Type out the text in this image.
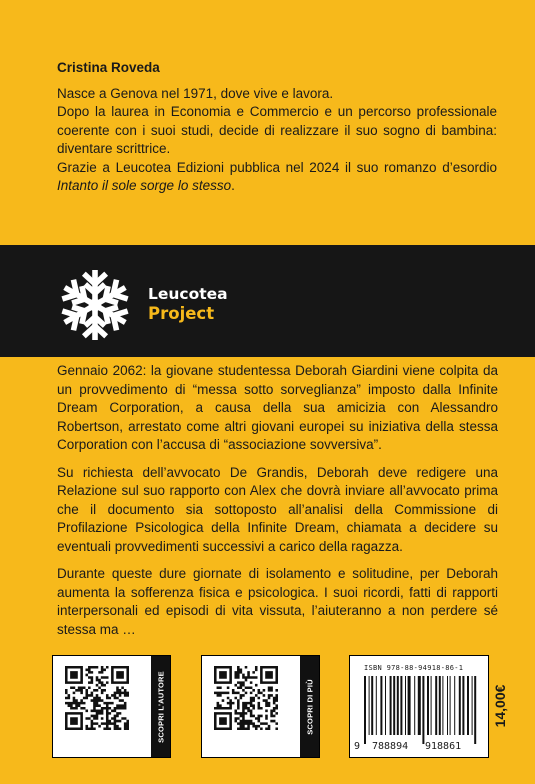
Cristina Roveda

Nasce a Genova nel 1971, dove vive e lavora.
Dopo la laurea in Economia e Commercio e un percorso professionale coerente con i suoi studi, decide di realizzare il suo sogno di bambina: diventare scrittrice.
Grazie a Leucotea Edizioni pubblica nel 2024 il suo romanzo d’esordio Intanto il sole sorge lo stesso.

Leucotea
Project

Gennaio 2062: la giovane studentessa Deborah Giardini viene colpita da un provvedimento di “messa sotto sorveglianza” imposto dalla Infinite Dream Corporation, a causa della sua amicizia con Alessandro Robertson, arrestato come altri giovani europei su iniziativa della stessa Corporation con l’accusa di “associazione sovversiva”.

Su richiesta dell’avvocato De Grandis, Deborah deve redigere una Relazione sul suo rapporto con Alex che dovrà inviare all’avvocato prima che il documento sia sottoposto all’analisi della Commissione di Profilazione Psicologica della Infinite Dream, chiamata a decidere su eventuali provvedimenti successivi a carico della ragazza.

Durante queste dure giornate di isolamento e solitudine, per Deborah aumenta la sofferenza fisica e psicologica. I suoi ricordi, fatti di rapporti interpersonali ed episodi di vita vissuta, l’aiuteranno a non perdere sé stessa ma …

SCOPRI L'AUTORE	SCOPRI DI PIÙ
ISBN 978-88-94918-86-1
9 788894 918861
14,00€
